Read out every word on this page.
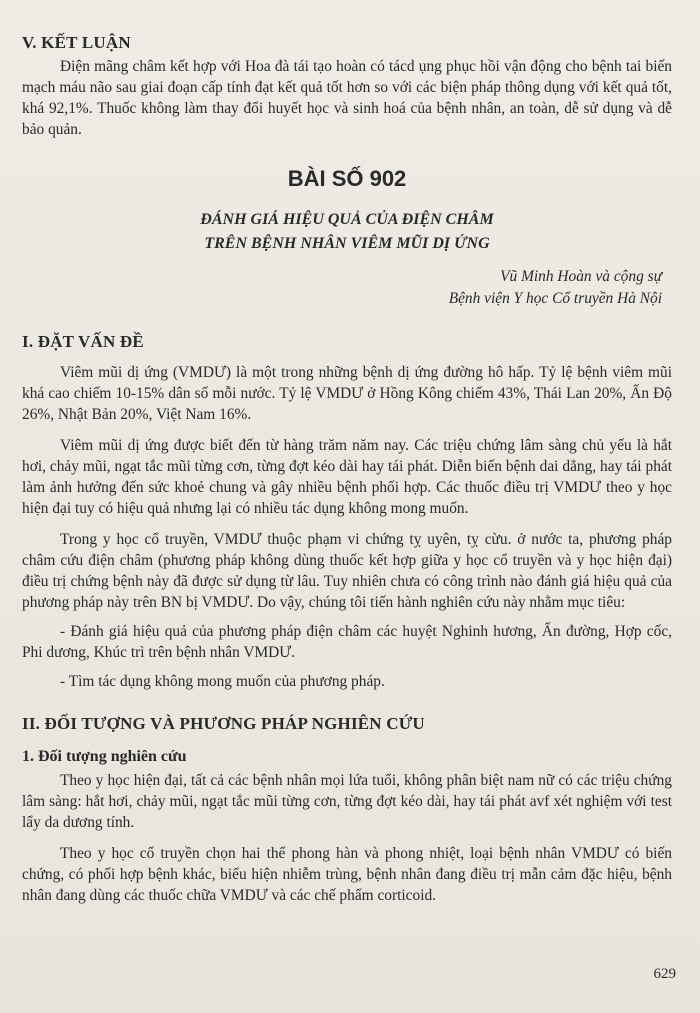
V. KẾT LUẬN

Điện mãng châm kết hợp với Hoa đà tái tạo hoàn có tácd ụng phục hồi vận động cho bệnh tai biến mạch máu não sau giai đoạn cấp tính đạt kết quả tốt hơn so với các biện pháp thông dụng với kết quả tốt, khá 92,1%. Thuốc không làm thay đổi huyết học và sinh hoá của bệnh nhân, an toàn, dễ sử dụng và dễ bảo quản.

BÀI SỐ 902
ĐÁNH GIÁ HIỆU QUẢ CỦA ĐIỆN CHÂM
TRÊN BỆNH NHÂN VIÊM MŨI DỊ ỨNG
Vũ Minh Hoàn và cộng sự
Bệnh viện Y học Cổ truyền Hà Nội
I. ĐẶT VẤN ĐỀ

Viêm mũi dị ứng (VMDƯ) là một trong những bệnh dị ứng đường hô hấp. Tỷ lệ bệnh viêm mũi khá cao chiếm 10-15% dân số mỗi nước. Tỷ lệ VMDƯ ở Hồng Kông chiếm 43%, Thái Lan 20%, Ấn Độ 26%, Nhật Bản 20%, Việt Nam 16%.

Viêm mũi dị ứng được biết đến từ hàng trăm năm nay. Các triệu chứng lâm sàng chủ yếu là hắt hơi, chảy mũi, ngạt tắc mũi từng cơn, từng đợt kéo dài hay tái phát. Diễn biến bệnh dai dẳng, hay tái phát làm ảnh hưởng đến sức khoẻ chung và gây nhiều bệnh phối hợp. Các thuốc điều trị VMDƯ theo y học hiện đại tuy có hiệu quả nhưng lại có nhiều tác dụng không mong muốn.

Trong y học cổ truyền, VMDƯ thuộc phạm vi chứng tỵ uyên, tỵ cừu. ở nước ta, phương pháp châm cứu điện châm (phương pháp không dùng thuốc kết hợp giữa y học cổ truyền và y học hiện đại) điều trị chứng bệnh này đã được sử dụng từ lâu. Tuy nhiên chưa có công trình nào đánh giá hiệu quả của phương pháp này trên BN bị VMDƯ. Do vậy, chúng tôi tiến hành nghiên cứu này nhằm mục tiêu:

- Đánh giá hiệu quả của phương pháp điện châm các huyệt Nghinh hương, Ấn đường, Hợp cốc, Phi dương, Khúc trì trên bệnh nhân VMDƯ.

- Tìm tác dụng không mong muốn của phương pháp.

II. ĐỐI TƯỢNG VÀ PHƯƠNG PHÁP NGHIÊN CỨU
1. Đối tượng nghiên cứu

Theo y học hiện đại, tất cả các bệnh nhân mọi lứa tuổi, không phân biệt nam nữ có các triệu chứng lâm sàng: hắt hơi, chảy mũi, ngạt tắc mũi từng cơn, từng đợt kéo dài, hay tái phát avf xét nghiệm với test lẩy da dương tính.

Theo y học cổ truyền chọn hai thể phong hàn và phong nhiệt, loại bệnh nhân VMDƯ có biến chứng, có phối hợp bệnh khác, biểu hiện nhiễm trùng, bệnh nhân đang điều trị mẫn cảm đặc hiệu, bệnh nhân đang dùng các thuốc chữa VMDƯ và các chế phẩm corticoid.

629
